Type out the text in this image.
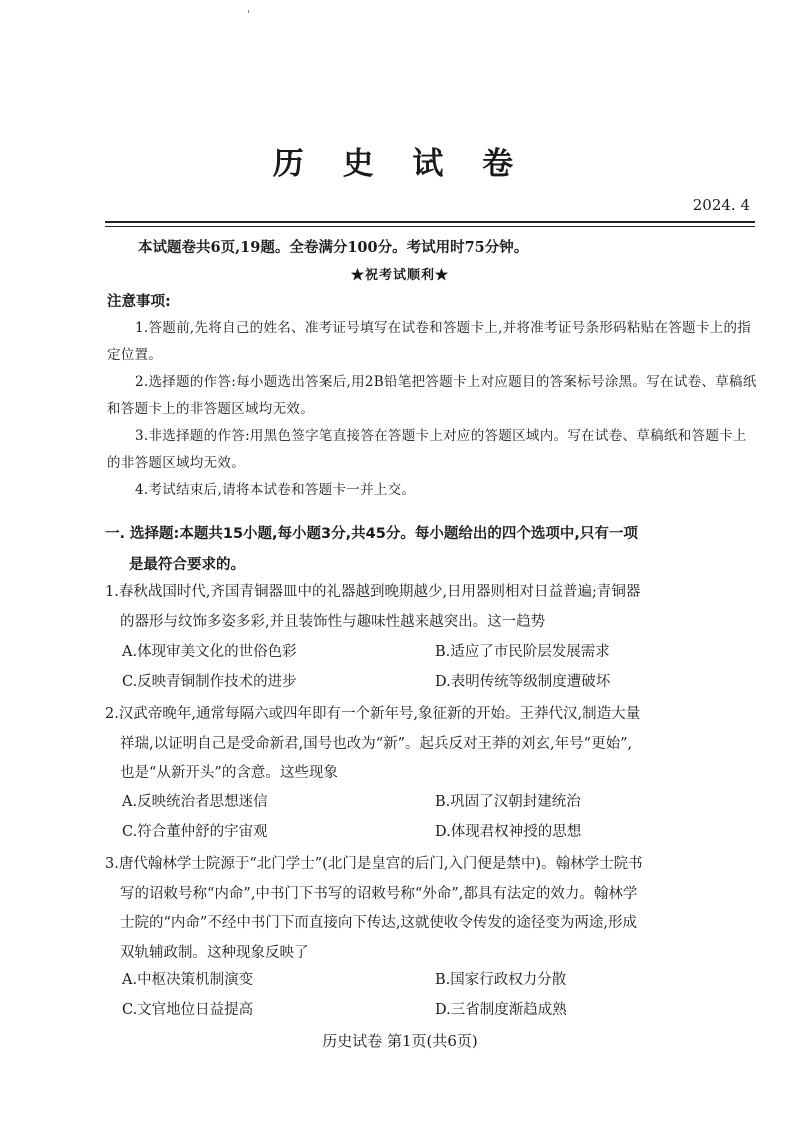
历 史 试 卷
2024. 4
本试题卷共6页,19题。全卷满分100分。考试用时75分钟。
★祝考试顺利★
注意事项:
1.答题前,先将自己的姓名、准考证号填写在试卷和答题卡上,并将准考证号条形码粘贴在答题卡上的指定位置。
2.选择题的作答:每小题选出答案后,用2B铅笔把答题卡上对应题目的答案标号涂黑。写在试卷、草稿纸和答题卡上的非答题区域均无效。
3.非选择题的作答:用黑色签字笔直接答在答题卡上对应的答题区域内。写在试卷、草稿纸和答题卡上的非答题区域均无效。
4.考试结束后,请将本试卷和答题卡一并上交。
一. 选择题:本题共15小题,每小题3分,共45分。每小题给出的四个选项中,只有一项
是最符合要求的。
1.春秋战国时代,齐国青铜器皿中的礼器越到晚期越少,日用器则相对日益普遍;青铜器
的器形与纹饰多姿多彩,并且装饰性与趣味性越来越突出。这一趋势
A.体现审美文化的世俗色彩	B.适应了市民阶层发展需求
C.反映青铜制作技术的进步	D.表明传统等级制度遭破坏
2.汉武帝晚年,通常每隔六或四年即有一个新年号,象征新的开始。王莽代汉,制造大量
祥瑞,以证明自己是受命新君,国号也改为“新”。起兵反对王莽的刘玄,年号“更始”,
也是“从新开头”的含意。这些现象
A.反映统治者思想迷信	B.巩固了汉朝封建统治
C.符合董仲舒的宇宙观	D.体现君权神授的思想
3.唐代翰林学士院源于“北门学士”(北门是皇宫的后门,入门便是禁中)。翰林学士院书
写的诏敕号称“内命”,中书门下书写的诏敕号称“外命”,都具有法定的效力。翰林学
士院的“内命”不经中书门下而直接向下传达,这就使收令传发的途径变为两途,形成
双轨辅政制。这种现象反映了
A.中枢决策机制演变	B.国家行政权力分散
C.文官地位日益提高	D.三省制度渐趋成熟
历史试卷 第1页(共6页)
